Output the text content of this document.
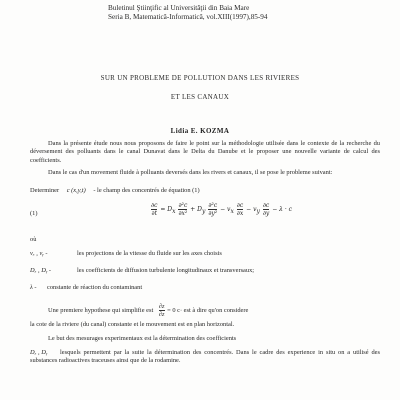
Buletinul Ştiinţific al Universităţii din Baia Mare
Seria B, Matematică-Informatică, vol.XIII(1997),85-94
SUR UN PROBLEME DE POLLUTION DANS LES RIVIERES
ET LES CANAUX
Lidia E. KOZMA
Dans la présente étude nous nous proposons de faire le point sur la méthodologie utilisée dans le contexte de la recherche du déversement des polluants dans le canal Dunavat dans le Delta du Danube et le proposer une nouvelle variante de calcul des coefficients.
Dans le cas d'un movement fluide à polluants deversés dans les rivers et canaux, il se pose le probleme suivant:
Determiner c (x,y,t) - le champ des concentrés de équation (1)
(1)	$\frac{\partial c}{\partial t} = D_x \frac{\text{∂²c}}{\text{∂x²}} + D_y \frac{\text{∂²c}}{\text{∂y²}} - v_x \frac{\partial c}{\partial x} - v_y \frac{\partial c}{\partial y} - \lambda \cdot c$
où
vₓ , vᵧ -	les projections de la vitesse du fluide sur les axes choisis
Dₓ , Dᵧ -	les coefficients de diffusion turbulente longitudinaux et transversaux;
λ - constante de réaction du contaminant
Une premiere hypothese qui simplifie est $\frac{\partial z}{\partial z} = 0$ c· est à dire qu'on considere
la cote de la riviere (du canal) constante et le mouvement est en plan horizontal.
Le but des mesurages experimentaux est la détermination des coefficients
Dₓ , Dᵧ	lesquels permettent par la suite la détermination des concentrés. Dans le cadre des experience in situ on a utilisé des substances radioactives traceuses ainsi que de la rodamine.
